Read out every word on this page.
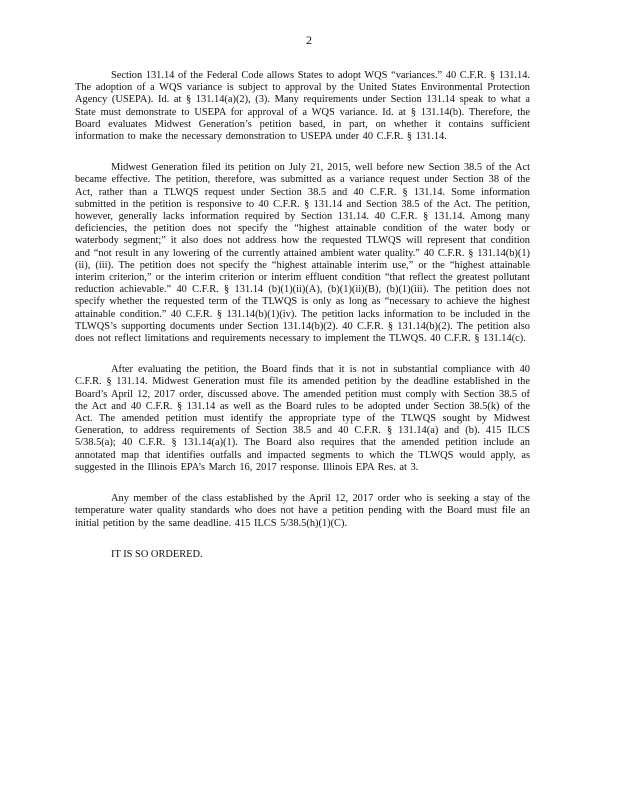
2

Section 131.14 of the Federal Code allows States to adopt WQS “variances.” 40 C.F.R. § 131.14. The adoption of a WQS variance is subject to approval by the United States Environmental Protection Agency (USEPA). Id. at § 131.14(a)(2), (3). Many requirements under Section 131.14 speak to what a State must demonstrate to USEPA for approval of a WQS variance. Id. at § 131.14(b). Therefore, the Board evaluates Midwest Generation’s petition based, in part, on whether it contains sufficient information to make the necessary demonstration to USEPA under 40 C.F.R. § 131.14.

Midwest Generation filed its petition on July 21, 2015, well before new Section 38.5 of the Act became effective. The petition, therefore, was submitted as a variance request under Section 38 of the Act, rather than a TLWQS request under Section 38.5 and 40 C.F.R. § 131.14. Some information submitted in the petition is responsive to 40 C.F.R. § 131.14 and Section 38.5 of the Act. The petition, however, generally lacks information required by Section 131.14. 40 C.F.R. § 131.14. Among many deficiencies, the petition does not specify the “highest attainable condition of the water body or waterbody segment;” it also does not address how the requested TLWQS will represent that condition and “not result in any lowering of the currently attained ambient water quality.” 40 C.F.R. § 131.14(b)(1)(ii), (iii). The petition does not specify the “highest attainable interim use,” or the “highest attainable interim criterion,” or the interim criterion or interim effluent condition “that reflect the greatest pollutant reduction achievable.” 40 C.F.R. § 131.14 (b)(1)(ii)(A), (b)(1)(ii)(B), (b)(1)(iii). The petition does not specify whether the requested term of the TLWQS is only as long as “necessary to achieve the highest attainable condition.” 40 C.F.R. § 131.14(b)(1)(iv). The petition lacks information to be included in the TLWQS’s supporting documents under Section 131.14(b)(2). 40 C.F.R. § 131.14(b)(2). The petition also does not reflect limitations and requirements necessary to implement the TLWQS. 40 C.F.R. § 131.14(c).

After evaluating the petition, the Board finds that it is not in substantial compliance with 40 C.F.R. § 131.14. Midwest Generation must file its amended petition by the deadline established in the Board’s April 12, 2017 order, discussed above. The amended petition must comply with Section 38.5 of the Act and 40 C.F.R. § 131.14 as well as the Board rules to be adopted under Section 38.5(k) of the Act. The amended petition must identify the appropriate type of the TLWQS sought by Midwest Generation, to address requirements of Section 38.5 and 40 C.F.R. § 131.14(a) and (b). 415 ILCS 5/38.5(a); 40 C.F.R. § 131.14(a)(1). The Board also requires that the amended petition include an annotated map that identifies outfalls and impacted segments to which the TLWQS would apply, as suggested in the Illinois EPA’s March 16, 2017 response. Illinois EPA Res. at 3.

Any member of the class established by the April 12, 2017 order who is seeking a stay of the temperature water quality standards who does not have a petition pending with the Board must file an initial petition by the same deadline. 415 ILCS 5/38.5(h)(1)(C).

IT IS SO ORDERED.
